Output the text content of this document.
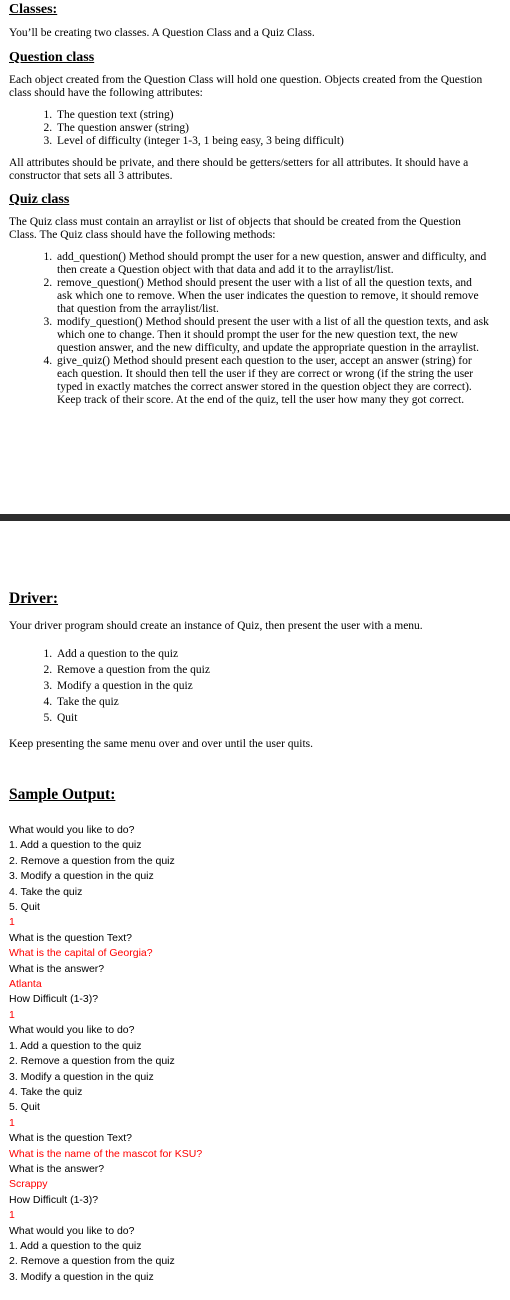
Classes:

You’ll be creating two classes. A Question Class and a Quiz Class.

Question class

Each object created from the Question Class will hold one question. Objects created from the Question class should have the following attributes:

1. The question text (string)
2. The question answer (string)
3. Level of difficulty (integer 1-3, 1 being easy, 3 being difficult)

All attributes should be private, and there should be getters/setters for all attributes. It should have a constructor that sets all 3 attributes.

Quiz class

The Quiz class must contain an arraylist or list of objects that should be created from the Question Class. The Quiz class should have the following methods:

1. add_question() Method should prompt the user for a new question, answer and difficulty, and then create a Question object with that data and add it to the arraylist/list.
2. remove_question() Method should present the user with a list of all the question texts, and ask which one to remove. When the user indicates the question to remove, it should remove that question from the arraylist/list.
3. modify_question() Method should present the user with a list of all the question texts, and ask which one to change. Then it should prompt the user for the new question text, the new question answer, and the new difficulty, and update the appropriate question in the arraylist.
4. give_quiz() Method should present each question to the user, accept an answer (string) for each question. It should then tell the user if they are correct or wrong (if the string the user typed in exactly matches the correct answer stored in the question object they are correct). Keep track of their score. At the end of the quiz, tell the user how many they got correct.
Driver:

Your driver program should create an instance of Quiz, then present the user with a menu.

1. Add a question to the quiz
2. Remove a question from the quiz
3. Modify a question in the quiz
4. Take the quiz
5. Quit

Keep presenting the same menu over and over until the user quits.

Sample Output:
What would you like to do?
1. Add a question to the quiz
2. Remove a question from the quiz
3. Modify a question in the quiz
4. Take the quiz
5. Quit
1
What is the question Text?
What is the capital of Georgia?
What is the answer?
Atlanta
How Difficult (1-3)?
1
What would you like to do?
1. Add a question to the quiz
2. Remove a question from the quiz
3. Modify a question in the quiz
4. Take the quiz
5. Quit
1
What is the question Text?
What is the name of the mascot for KSU?
What is the answer?
Scrappy
How Difficult (1-3)?
1
What would you like to do?
1. Add a question to the quiz
2. Remove a question from the quiz
3. Modify a question in the quiz
